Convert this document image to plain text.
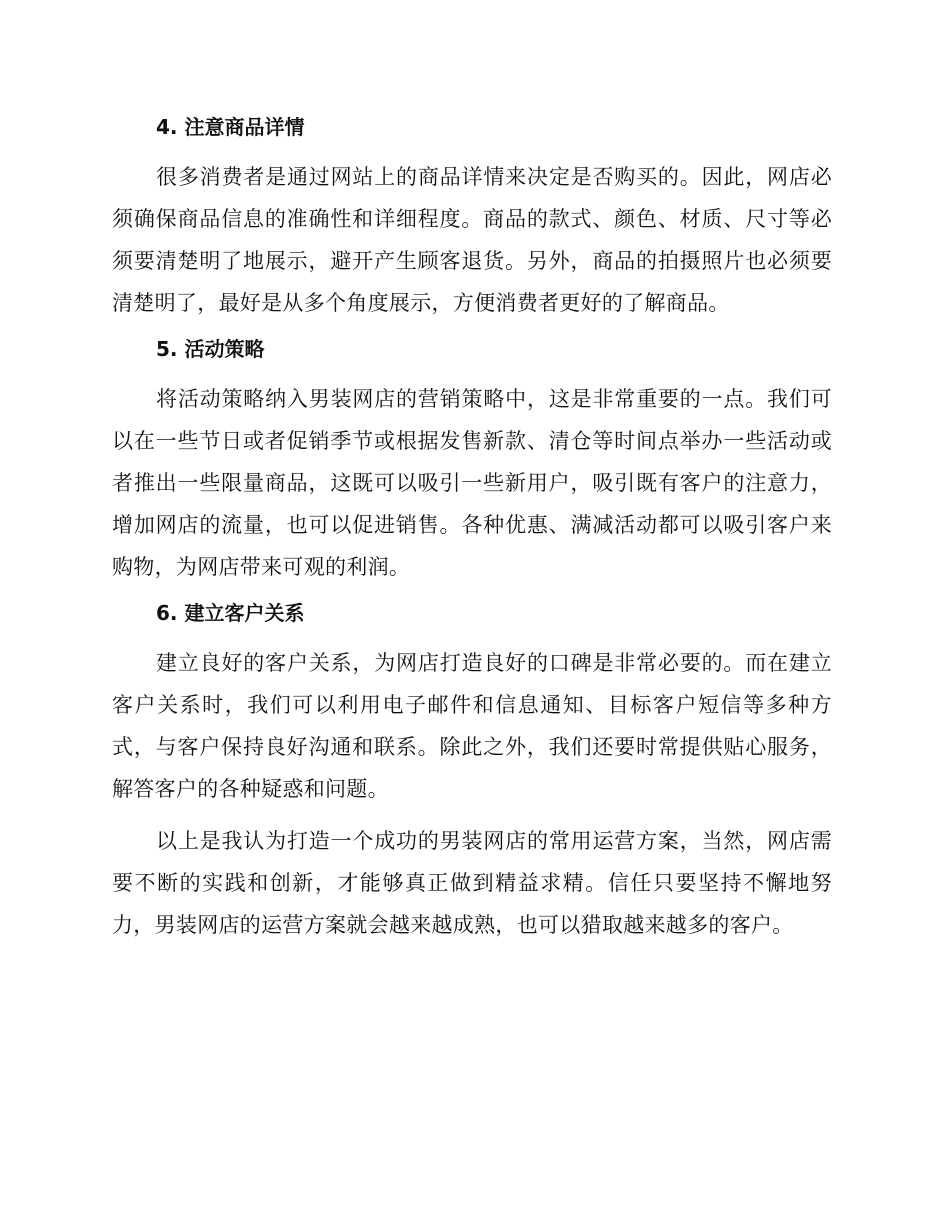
4. 注意商品详情

很多消费者是通过网站上的商品详情来决定是否购买的。因此，网店必须确保商品信息的准确性和详细程度。商品的款式、颜色、材质、尺寸等必须要清楚明了地展示，避开产生顾客退货。另外，商品的拍摄照片也必须要清楚明了，最好是从多个角度展示，方便消费者更好的了解商品。

5. 活动策略

将活动策略纳入男装网店的营销策略中，这是非常重要的一点。我们可以在一些节日或者促销季节或根据发售新款、清仓等时间点举办一些活动或者推出一些限量商品，这既可以吸引一些新用户，吸引既有客户的注意力，增加网店的流量，也可以促进销售。各种优惠、满减活动都可以吸引客户来购物，为网店带来可观的利润。

6. 建立客户关系

建立良好的客户关系，为网店打造良好的口碑是非常必要的。而在建立客户关系时，我们可以利用电子邮件和信息通知、目标客户短信等多种方式，与客户保持良好沟通和联系。除此之外，我们还要时常提供贴心服务，解答客户的各种疑惑和问题。

以上是我认为打造一个成功的男装网店的常用运营方案，当然，网店需要不断的实践和创新，才能够真正做到精益求精。信任只要坚持不懈地努力，男装网店的运营方案就会越来越成熟，也可以猎取越来越多的客户。
